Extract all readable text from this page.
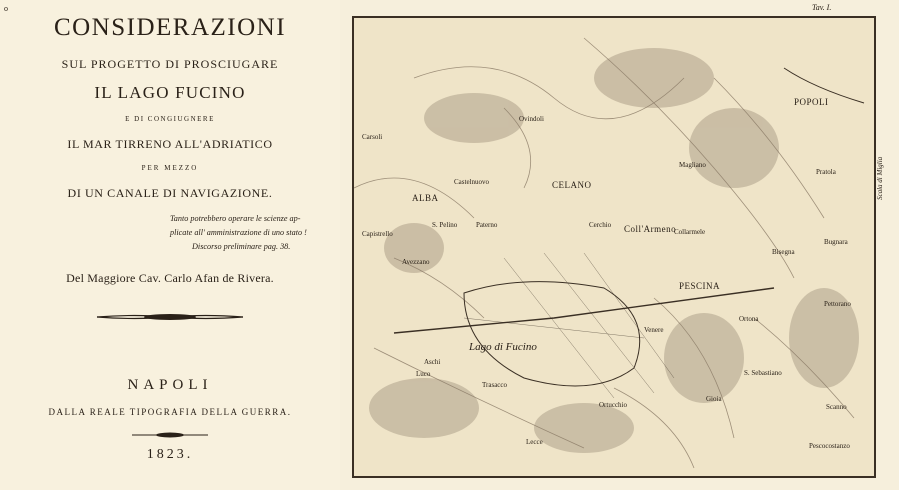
o
CONSIDERAZIONI
SUL PROGETTO DI PROSCIUGARE
IL LAGO FUCINO
E DI CONGIUGNERE
IL MAR TIRRENO ALL'ADRIATICO
PER MEZZO
DI UN CANALE DI NAVIGAZIONE.
Tanto potrebbero operare le scienze ap-
plicate all' amministrazione di uno stato !
Discorso preliminare pag. 38.
Del Maggiore Cav. Carlo Afan de Rivera.
NAPOLI
DALLA REALE TIPOGRAFIA DELLA GUERRA.
1823.
Tav. I.
Scala di Miglia
POPOLI
ALBA
CELANO
Coll'Armeno
PESCINA
Avezzano
Lago di Fucino
Ortona
S. Sebastiano
Bisegna
Magliano
Scanno
Gioia
Venere
Aschi
Pratola
Bugnara
Pettorano
Ovindoli
Cerchio
Collarmele
S. Pelino	Paterno
Luco
Trasacco
Ortucchio
Lecce	Pescocostanzo
Capistrello
Castelnuovo
Carsoli
